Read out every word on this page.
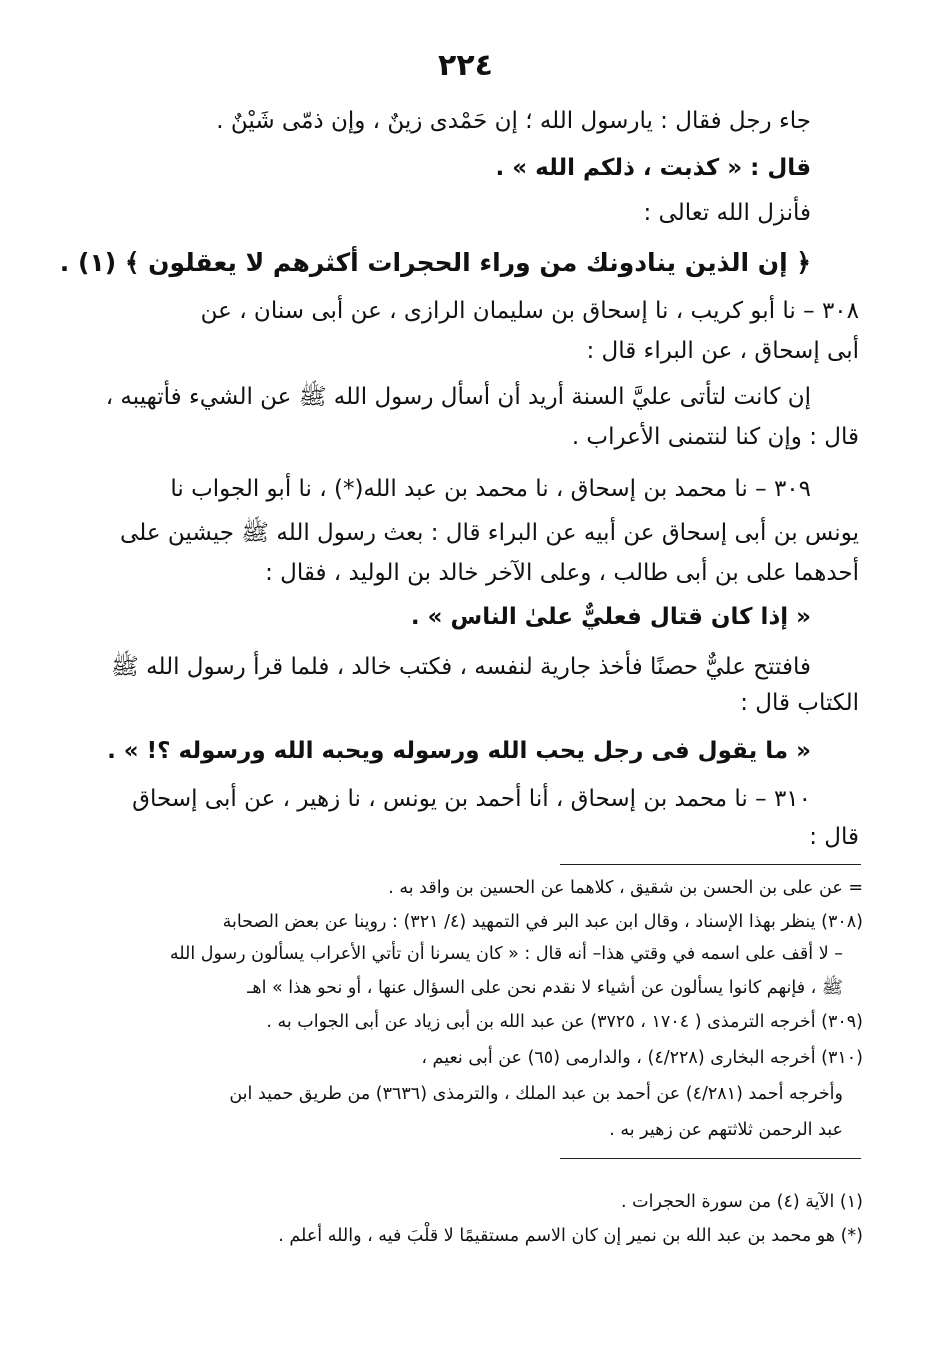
٢٢٤
جاء رجل فقال : يارسول الله ؛ إن حَمْدى زينٌ ، وإن ذمّى شَيْنٌ .
قال : « كذبت ، ذلكم الله » .
فأنزل الله تعالى :
﴿ إن الذين ينادونك من وراء الحجرات أكثرهم لا يعقلون ﴾ (١) .
٣٠٨ – نا أبو كريب ، نا إسحاق بن سليمان الرازى ، عن أبى سنان ، عن
أبى إسحاق ، عن البراء قال :
إن كانت لتأتى عليَّ السنة أريد أن أسأل رسول الله ﷺ عن الشيء فأتهيبه ،
قال : وإن كنا لنتمنى الأعراب .
٣٠٩ – نا محمد بن إسحاق ، نا محمد بن عبد الله(*) ، نا أبو الجواب نا
يونس بن أبى إسحاق عن أبيه عن البراء قال : بعث رسول الله ﷺ جيشين على
أحدهما على بن أبى طالب ، وعلى الآخر خالد بن الوليد ، فقال :
« إذا كان قتال فعليٌّ علىٰ الناس » .
فافتتح عليٌّ حصنًا فأخذ جارية لنفسه ، فكتب خالد ، فلما قرأ رسول الله ﷺ
الكتاب قال :
« ما يقول فى رجل يحب الله ورسوله ويحبه الله ورسوله ؟! » .
٣١٠ – نا محمد بن إسحاق ، أنا أحمد بن يونس ، نا زهير ، عن أبى إسحاق
قال :
= عن على بن الحسن بن شقيق ، كلاهما عن الحسين بن واقد به .
(٣٠٨) ينظر بهذا الإسناد ، وقال ابن عبد البر في التمهيد (٤/ ٣٢١) : روينا عن بعض الصحابة
– لا أقف على اسمه في وقتي هذا– أنه قال : « كان يسرنا أن تأتي الأعراب يسألون رسول الله
ﷺ ، فإنهم كانوا يسألون عن أشياء لا نقدم نحن على السؤال عنها ، أو نحو هذا » اهـ
(٣٠٩) أخرجه الترمذى ( ١٧٠٤ ، ٣٧٢٥) عن عبد الله بن أبى زياد عن أبى الجواب به .
(٣١٠) أخرجه البخارى (٤/٢٢٨) ، والدارمى (٦٥) عن أبى نعيم ،
وأخرجه أحمد (٤/٢٨١) عن أحمد بن عبد الملك ، والترمذى (٣٦٣٦) من طريق حميد ابن
عبد الرحمن ثلاثتهم عن زهير به .
(١) الآية (٤) من سورة الحجرات .
(*) هو محمد بن عبد الله بن نمير إن كان الاسم مستقيمًا لا قلْبَ فيه ، والله أعلم .
